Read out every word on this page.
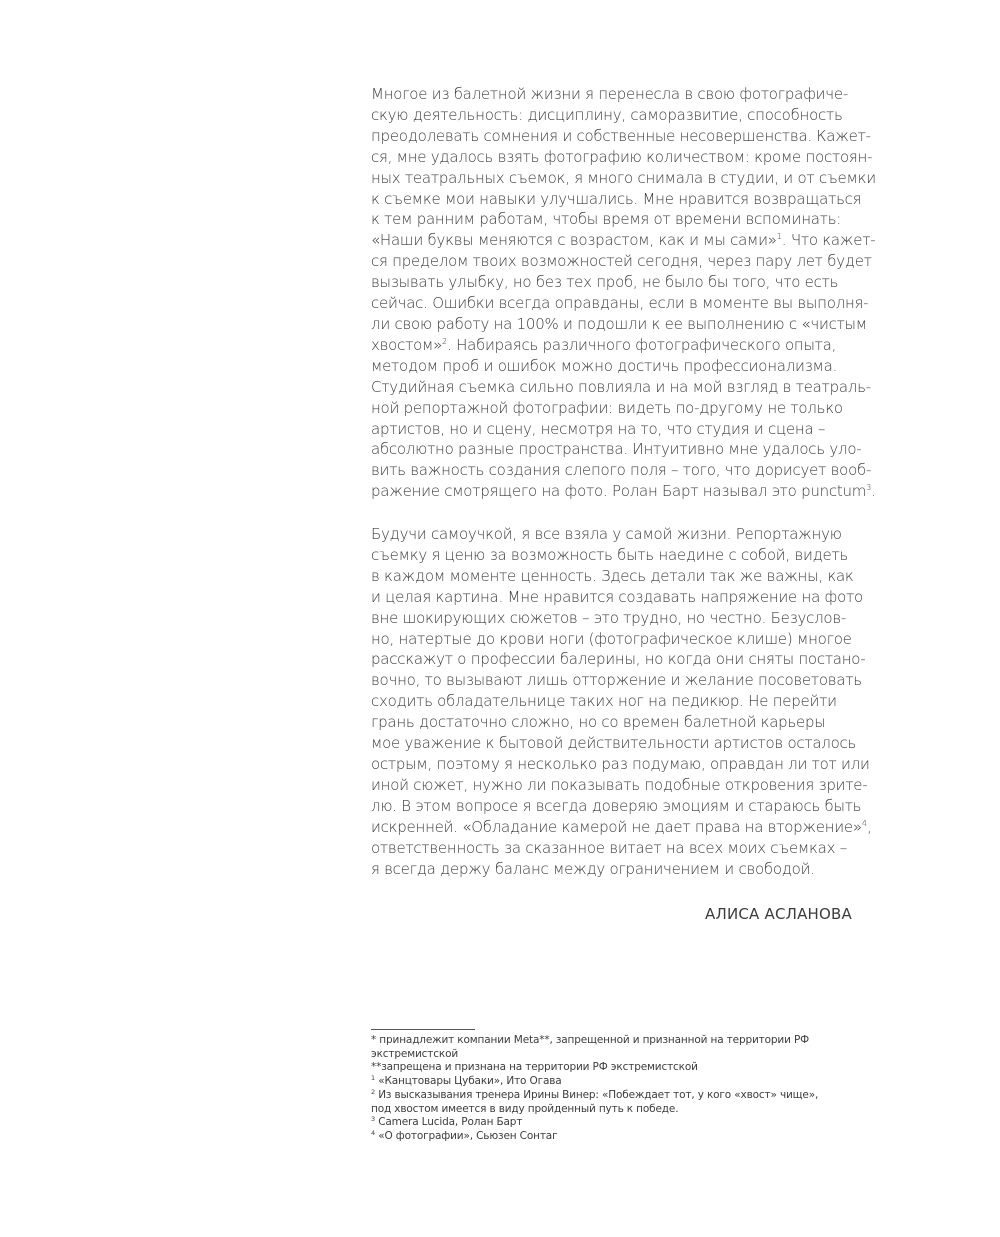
Многое из балетной жизни я перенесла в свою фотографиче-
скую деятельность: дисциплину, саморазвитие, способность
преодолевать сомнения и собственные несовершенства. Кажет-
ся, мне удалось взять фотографию количеством: кроме постоян-
ных театральных съемок, я много снимала в студии, и от съемки
к съемке мои навыки улучшались. Мне нравится возвращаться
к тем ранним работам, чтобы время от времени вспоминать:
«Наши буквы меняются с возрастом, как и мы сами»$^1$. Что кажет-
ся пределом твоих возможностей сегодня, через пару лет будет
вызывать улыбку, но без тех проб, не было бы того, что есть
сейчас. Ошибки всегда оправданы, если в моменте вы выполня-
ли свою работу на 100% и подошли к ее выполнению с «чистым
хвостом»$^2$. Набираясь различного фотографического опыта,
методом проб и ошибок можно достичь профессионализма.
Студийная съемка сильно повлияла и на мой взгляд в театраль-
ной репортажной фотографии: видеть по-другому не только
артистов, но и сцену, несмотря на то, что студия и сцена –
абсолютно разные пространства. Интуитивно мне удалось уло-
вить важность создания слепого поля – того, что дорисует вооб-
ражение смотрящего на фото. Ролан Барт называл это punctum$^3$.
Будучи самоучкой, я все взяла у самой жизни. Репортажную
съемку я ценю за возможность быть наедине с собой, видеть
в каждом моменте ценность. Здесь детали так же важны, как
и целая картина. Мне нравится создавать напряжение на фото
вне шокирующих сюжетов – это трудно, но честно. Безуслов-
но, натертые до крови ноги (фотографическое клише) многое
расскажут о профессии балерины, но когда они сняты постано-
вочно, то вызывают лишь отторжение и желание посоветовать
сходить обладательнице таких ног на педикюр. Не перейти
грань достаточно сложно, но со времен балетной карьеры
мое уважение к бытовой действительности артистов осталось
острым, поэтому я несколько раз подумаю, оправдан ли тот или
иной сюжет, нужно ли показывать подобные откровения зрите-
лю. В этом вопросе я всегда доверяю эмоциям и стараюсь быть
искренней. «Обладание камерой не дает права на вторжение»$^4$,
ответственность за сказанное витает на всех моих съемках –
я всегда держу баланс между ограничением и свободой.
АЛИСА АСЛАНОВА
* принадлежит компании Meta**, запрещенной и признанной на территории РФ
экстремистской
**запрещена и признана на территории РФ экстремистской
$^1$ «Канцтовары Цубаки», Ито Огава
$^2$ Из высказывания тренера Ирины Винер: «Побеждает тот, у кого «хвост» чище»,
под хвостом имеется в виду пройденный путь к победе.
$^3$ Camera Lucida, Ролан Барт
$^4$ «О фотографии», Сьюзен Сонтаг
